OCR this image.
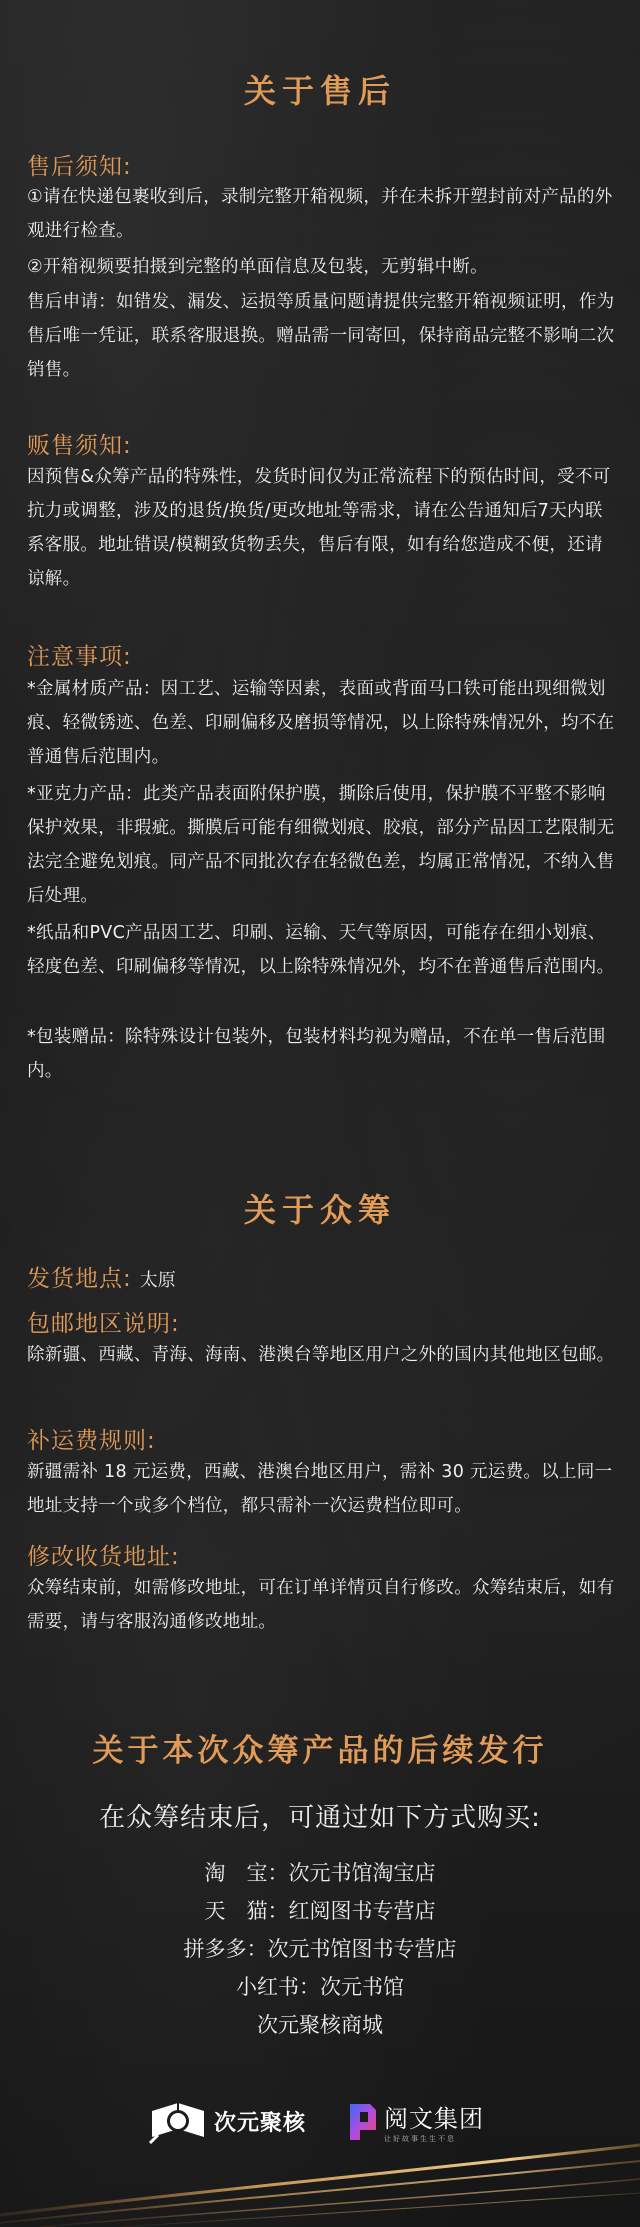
关于售后
售后须知:
①请在快递包裹收到后，录制完整开箱视频，并在未拆开塑封前对产品的外观进行检查。
②开箱视频要拍摄到完整的单面信息及包装，无剪辑中断。
售后申请：如错发、漏发、运损等质量问题请提供完整开箱视频证明，作为售后唯一凭证，联系客服退换。赠品需一同寄回，保持商品完整不影响二次销售。
贩售须知:
因预售&众筹产品的特殊性，发货时间仅为正常流程下的预估时间，受不可抗力或调整，涉及的退货/换货/更改地址等需求，请在公告通知后7天内联系客服。地址错误/模糊致货物丢失，售后有限，如有给您造成不便，还请谅解。
注意事项:
*金属材质产品：因工艺、运输等因素，表面或背面马口铁可能出现细微划痕、轻微锈迹、色差、印刷偏移及磨损等情况，以上除特殊情况外，均不在普通售后范围内。
*亚克力产品：此类产品表面附保护膜，撕除后使用，保护膜不平整不影响保护效果，非瑕疵。撕膜后可能有细微划痕、胶痕，部分产品因工艺限制无法完全避免划痕。同产品不同批次存在轻微色差，均属正常情况，不纳入售后处理。
*纸品和PVC产品因工艺、印刷、运输、天气等原因，可能存在细小划痕、轻度色差、印刷偏移等情况，以上除特殊情况外，均不在普通售后范围内。
*包装赠品：除特殊设计包装外，包装材料均视为赠品，不在单一售后范围内。
关于众筹
发货地点: 太原
包邮地区说明:
除新疆、西藏、青海、海南、港澳台等地区用户之外的国内其他地区包邮。
补运费规则:
新疆需补 18 元运费，西藏、港澳台地区用户，需补 30 元运费。以上同一地址支持一个或多个档位，都只需补一次运费档位即可。
修改收货地址:
众筹结束前，如需修改地址，可在订单详情页自行修改。众筹结束后，如有需要，请与客服沟通修改地址。
关于本次众筹产品的后续发行
在众筹结束后，可通过如下方式购买:
淘　宝：次元书馆淘宝店
天　猫：红阅图书专营店
拼多多：次元书馆图书专营店
小红书：次元书馆
次元聚核商城
次元聚核	阅文集团
让好故事生生不息
